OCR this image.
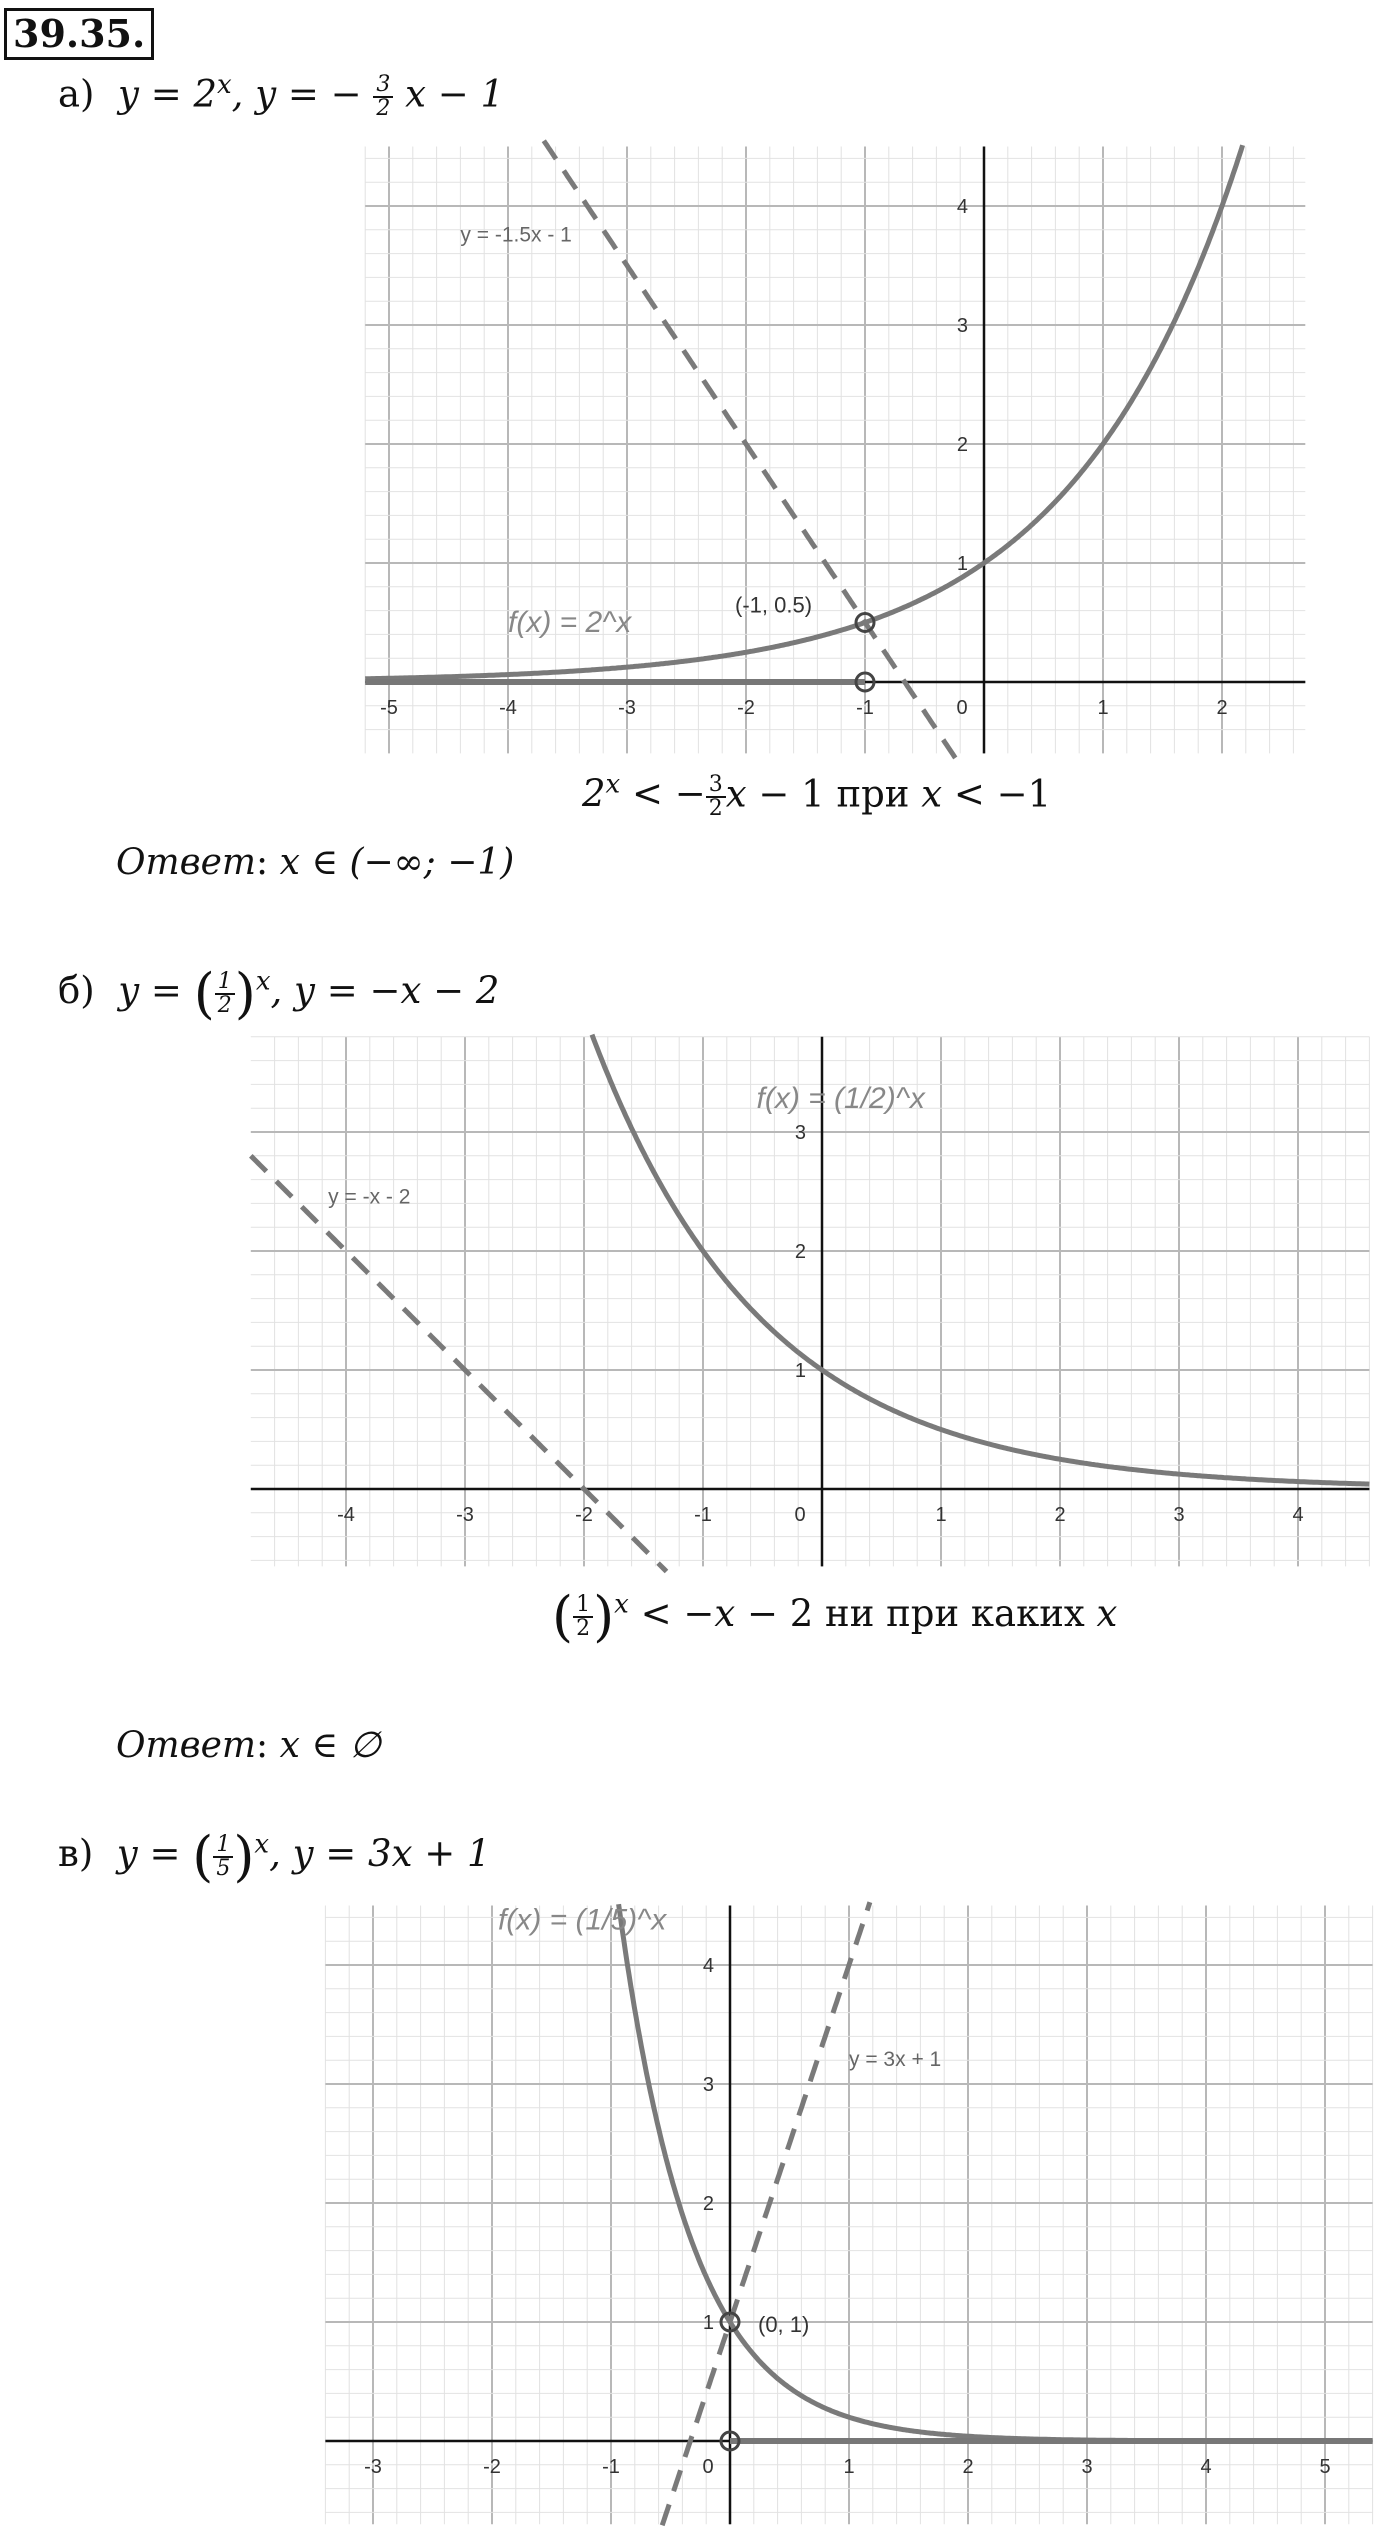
39.35.
а) $y = 2^x$, y = − $\frac{3}{2}$ x − 1
-5	-4	-3	-2	-1	0	1	2
1
2
3
4
(-1, 0.5)
y = -1.5x - 1
f(x) = 2^x
$2^x$ < − $\frac{3}{2}$ x − 1 при x < −1
Ответ: x ∈ (−∞; −1)
б) y = ( $\frac{1}{2} )^x$, y = −x − 2
-4	-3	-2	-1	0	1	2	3	4
1
2
3
y = -x - 2
f(x) = (1/2)^x
( $\frac{1}{2} )^x < -x - 2$ ни при каких x
Ответ: x ∈ ∅
в) y = ( $\frac{1}{5} )^x$, y = 3x + 1
-3	-2	-1	0	1	2	3	4	5
1
2
3
4
(0, 1)
y = 3x + 1
f(x) = (1/5)^x
